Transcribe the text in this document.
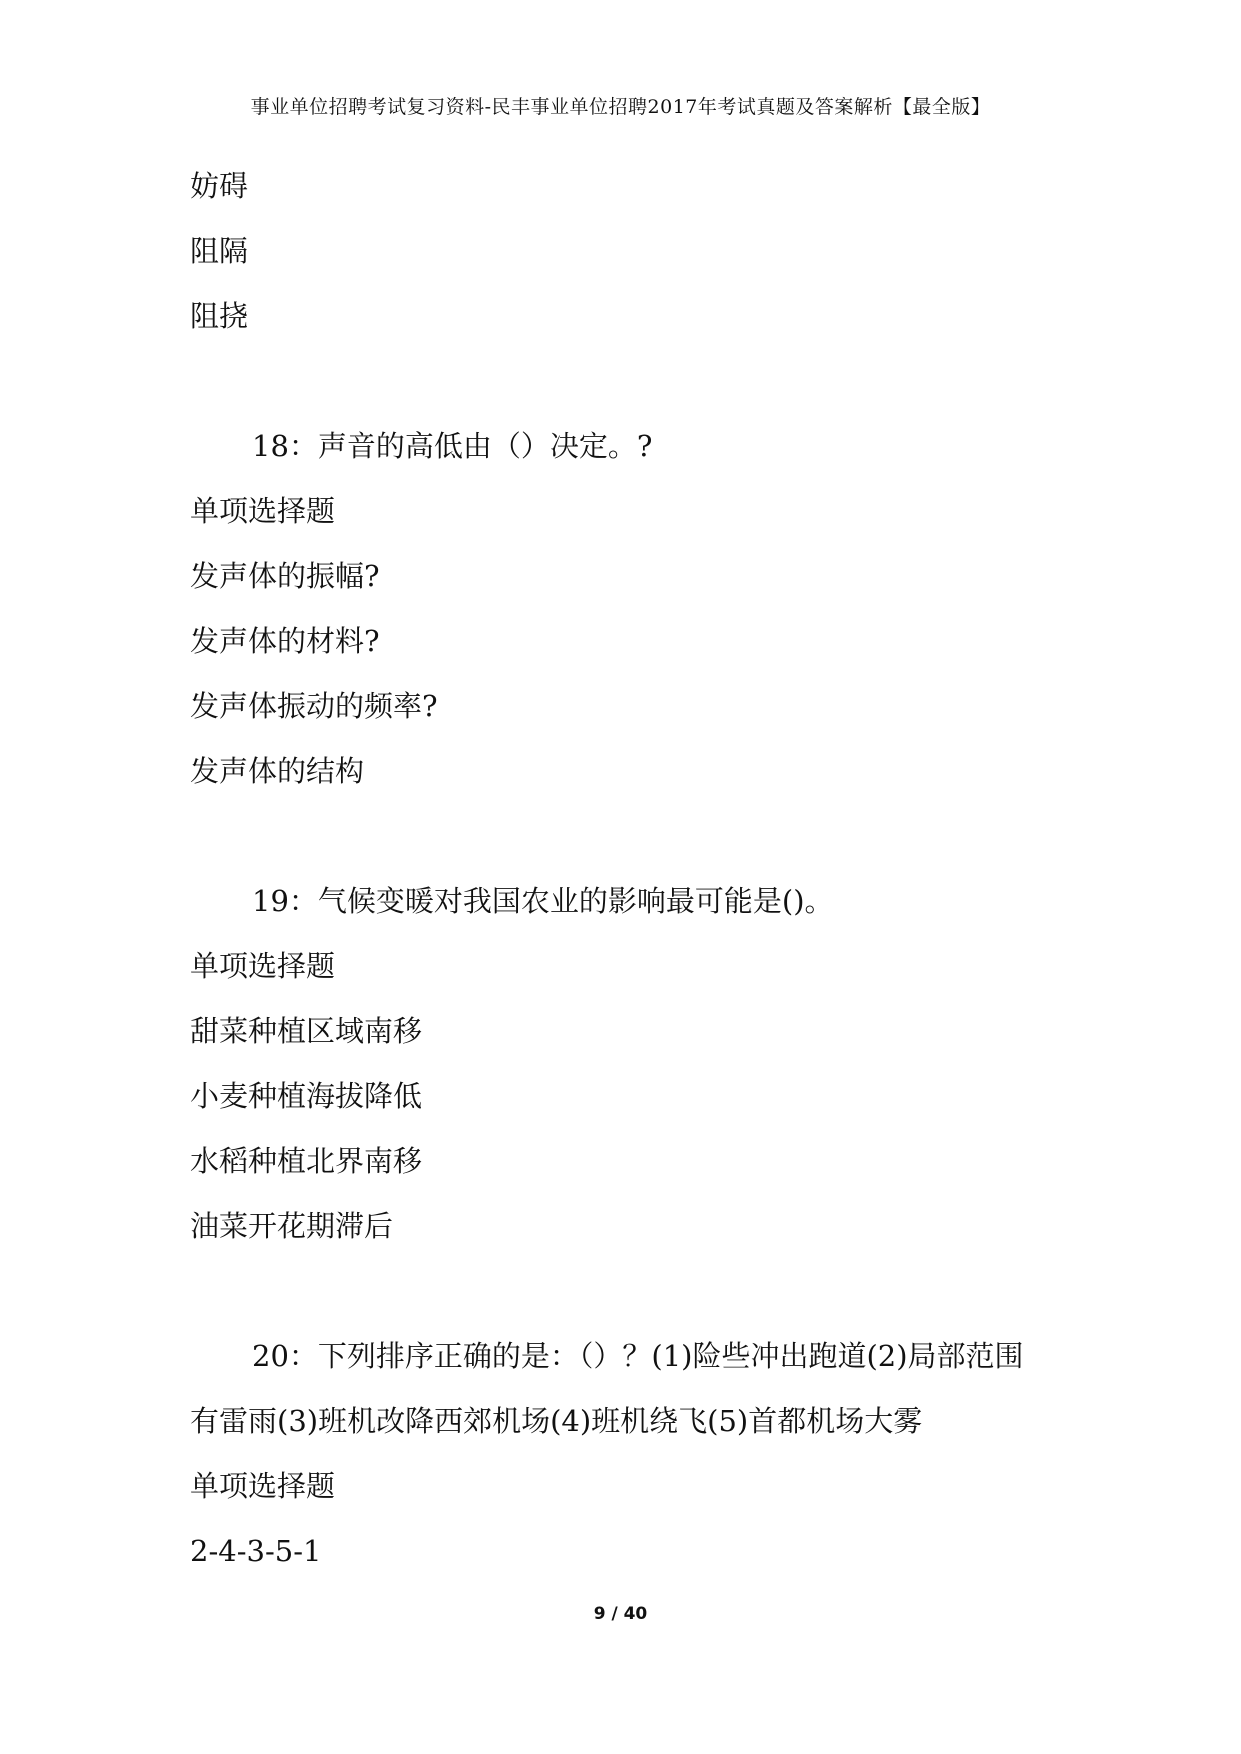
事业单位招聘考试复习资料-民丰事业单位招聘2017年考试真题及答案解析【最全版】
妨碍
阻隔
阻挠
18：声音的高低由（）决定。?
单项选择题
发声体的振幅?
发声体的材料?
发声体振动的频率?
发声体的结构
19：气候变暖对我国农业的影响最可能是()。
单项选择题
甜菜种植区域南移
小麦种植海拔降低
水稻种植北界南移
油菜开花期滞后
20：下列排序正确的是：（）？(1)险些冲出跑道(2)局部范围
有雷雨(3)班机改降西郊机场(4)班机绕飞(5)首都机场大雾
单项选择题
2-4-3-5-1
9 / 40
